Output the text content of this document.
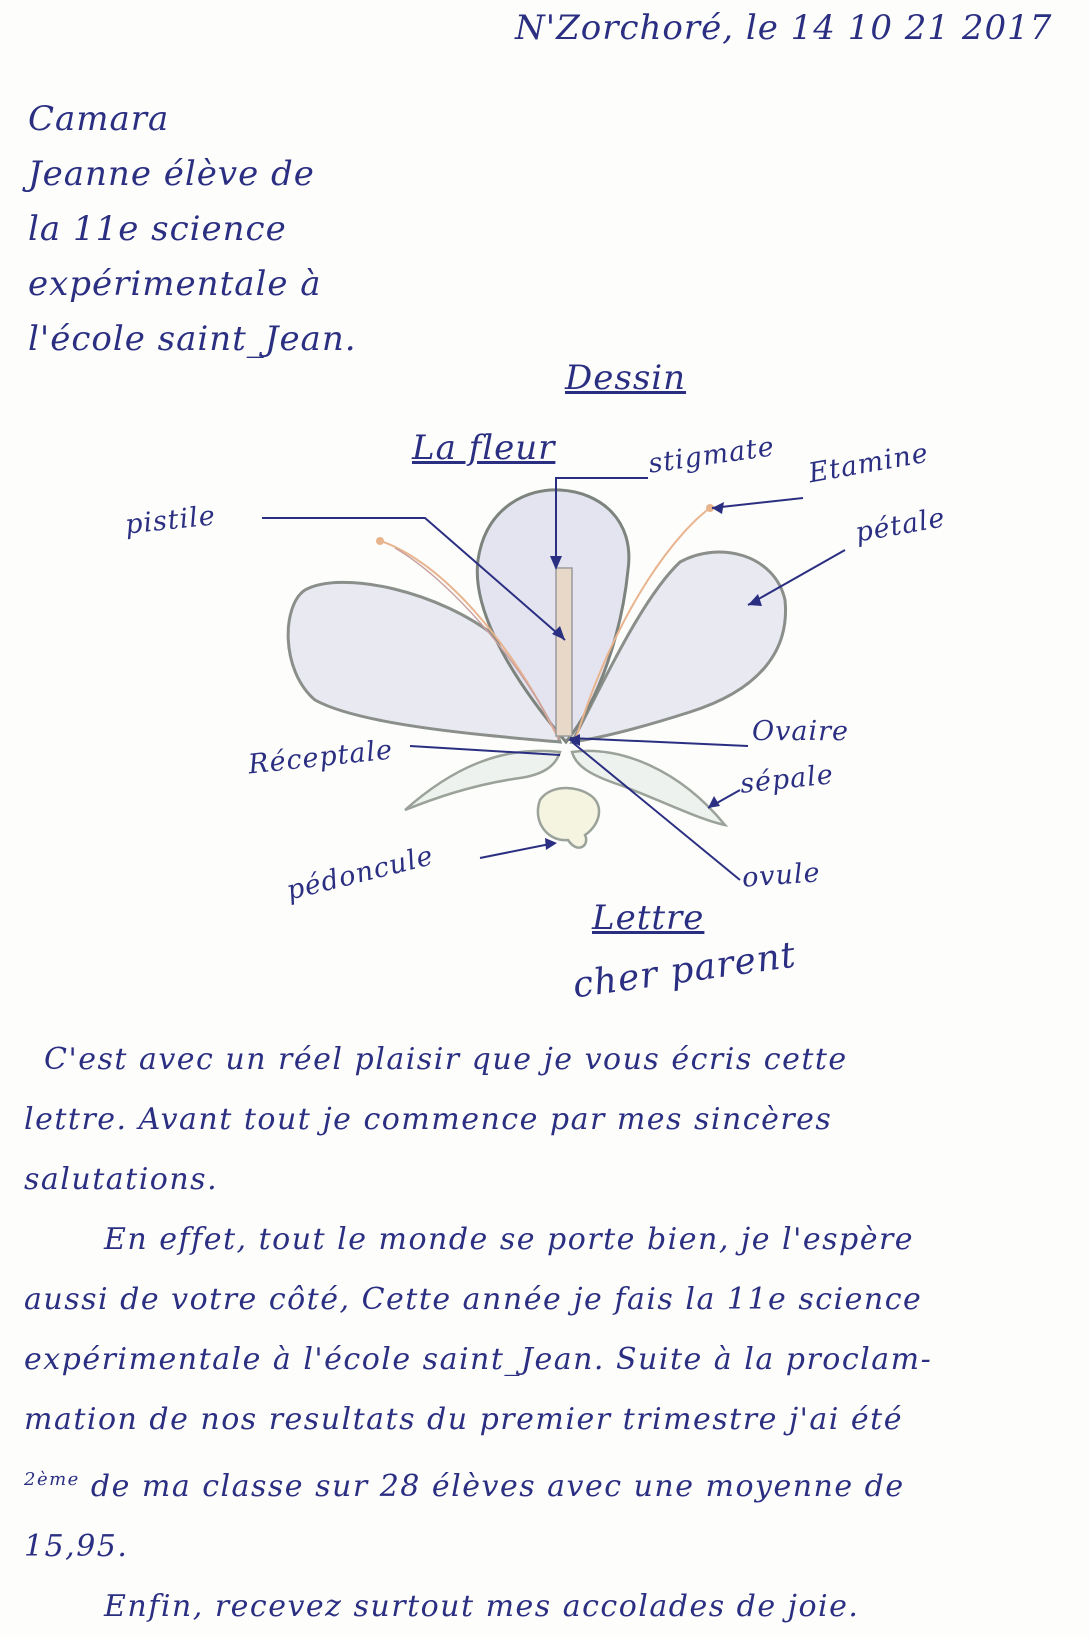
N'Zorchoré, le 14 10 21 2017
Camara
Jeanne élève de
la 11e science
expérimentale à
l'école saint_Jean.
Dessin
La fleur	stigmate Etamine
pistile	pétale
Réceptale
Ovaire
sépale
pédoncule	ovule
Lettre
cher parent
C'est avec un réel plaisir que je vous écris cette
lettre. Avant tout je commence par mes sincères
salutations.
En effet, tout le monde se porte bien, je l'espère
aussi de votre côté, Cette année je fais la 11e science
expérimentale à l'école saint_Jean. Suite à la proclam-
mation de nos resultats du premier trimestre j'ai été
$^{2ème}$ de ma classe sur 28 élèves avec une moyenne de
15,95.
Enfin, recevez surtout mes accolades de joie.
